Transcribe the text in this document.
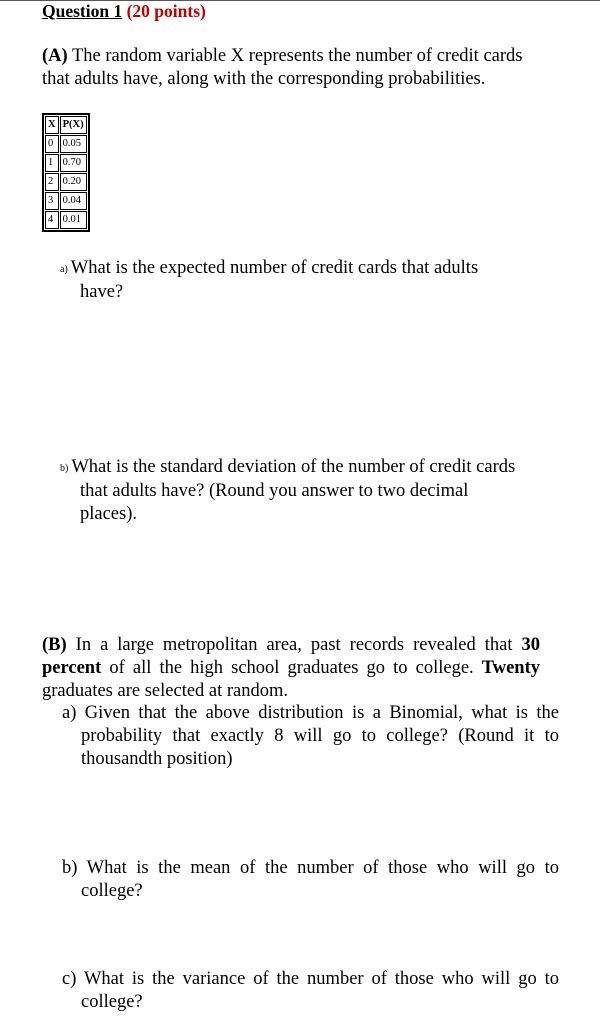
Question 1 (20 points)
(A) The random variable X represents the number of credit cards that adults have, along with the corresponding probabilities.
X	P(X)
0	0.05
1	0.70
2	0.20
3	0.04
4	0.01
a) What is the expected number of credit cards that adults
have?
b) What is the standard deviation of the number of credit cards
that adults have? (Round you answer to two decimal
places).
(B) In a large metropolitan area, past records revealed that 30 percent of all the high school graduates go to college. Twenty graduates are selected at random.
a) Given that the above distribution is a Binomial, what is the probability that exactly 8 will go to college? (Round it to thousandth position)
b) What is the mean of the number of those who will go to college?
c) What is the variance of the number of those who will go to college?
